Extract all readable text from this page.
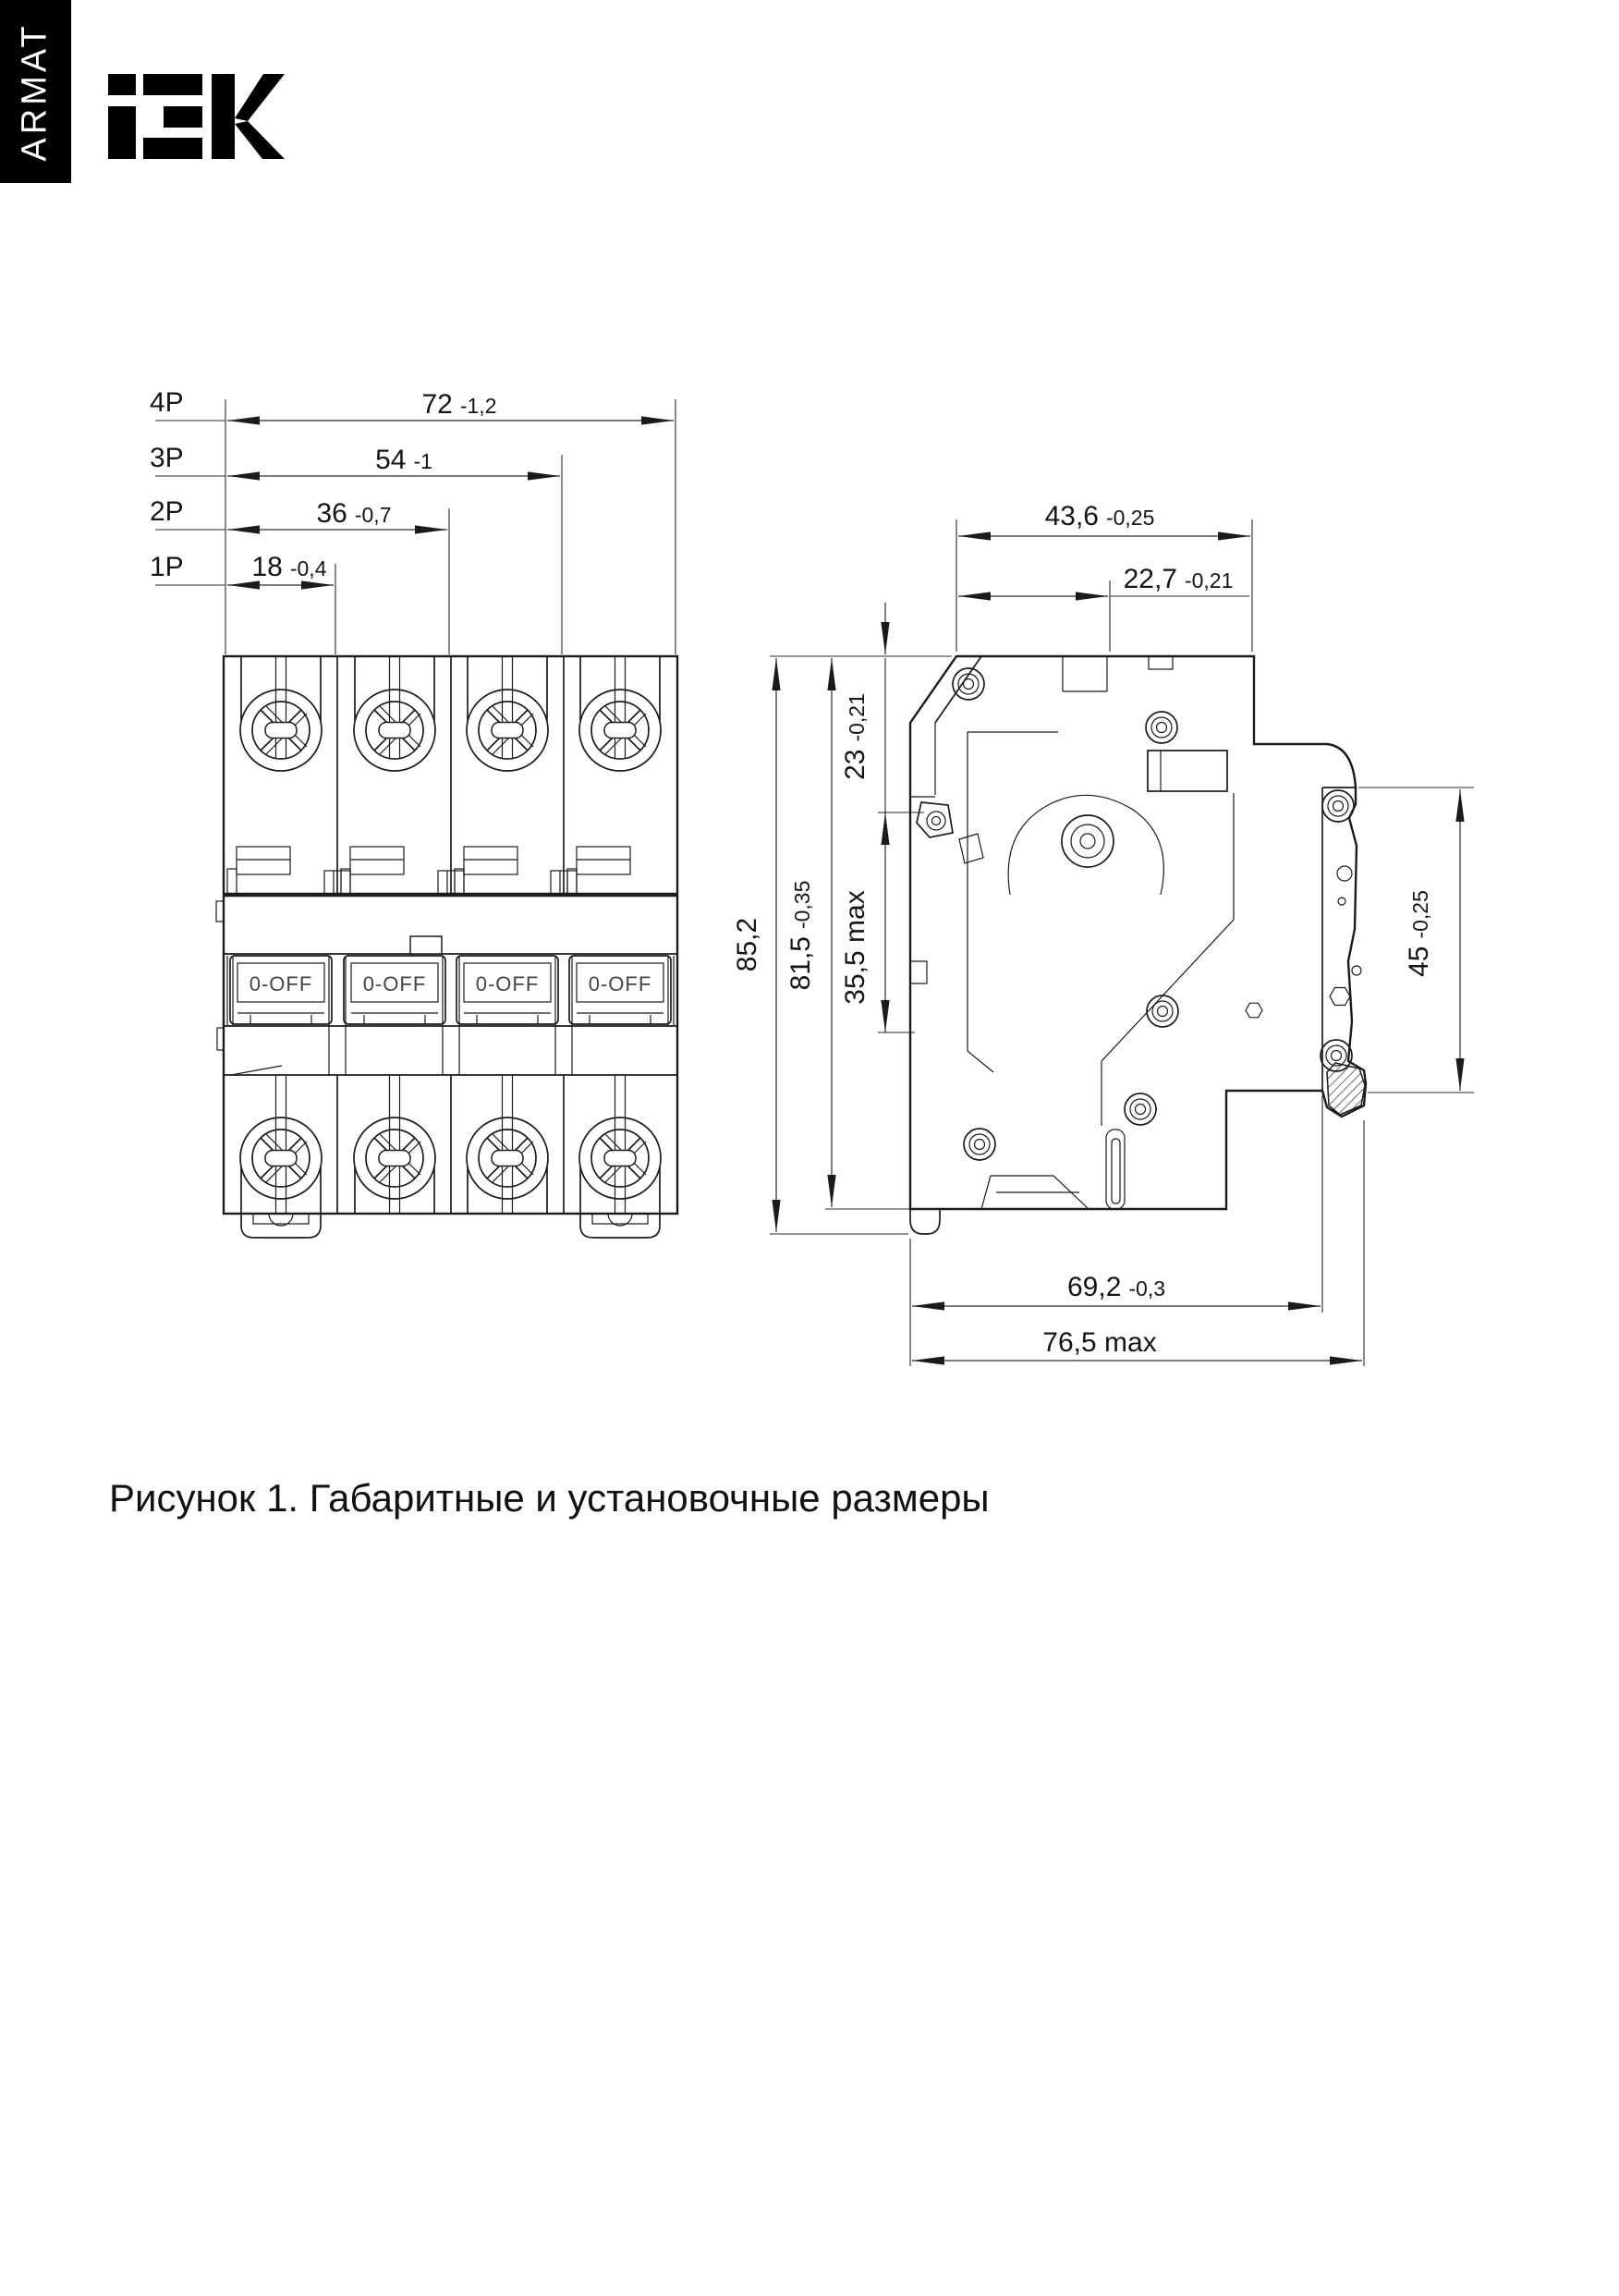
ARMAT
0-OFF 0-OFF 0-OFF 0-OFF
4P	72 -1,2
3P	54 -1
2P	36 -0,7
1P 18 -0,4
43,6 -0,25
22,7 -0,21
85,2 81,5-0,35
23-0,21
35,5 max	45-0,25
69,2 -0,3
76,5 max
Рисунок 1. Габаритные и установочные размеры
